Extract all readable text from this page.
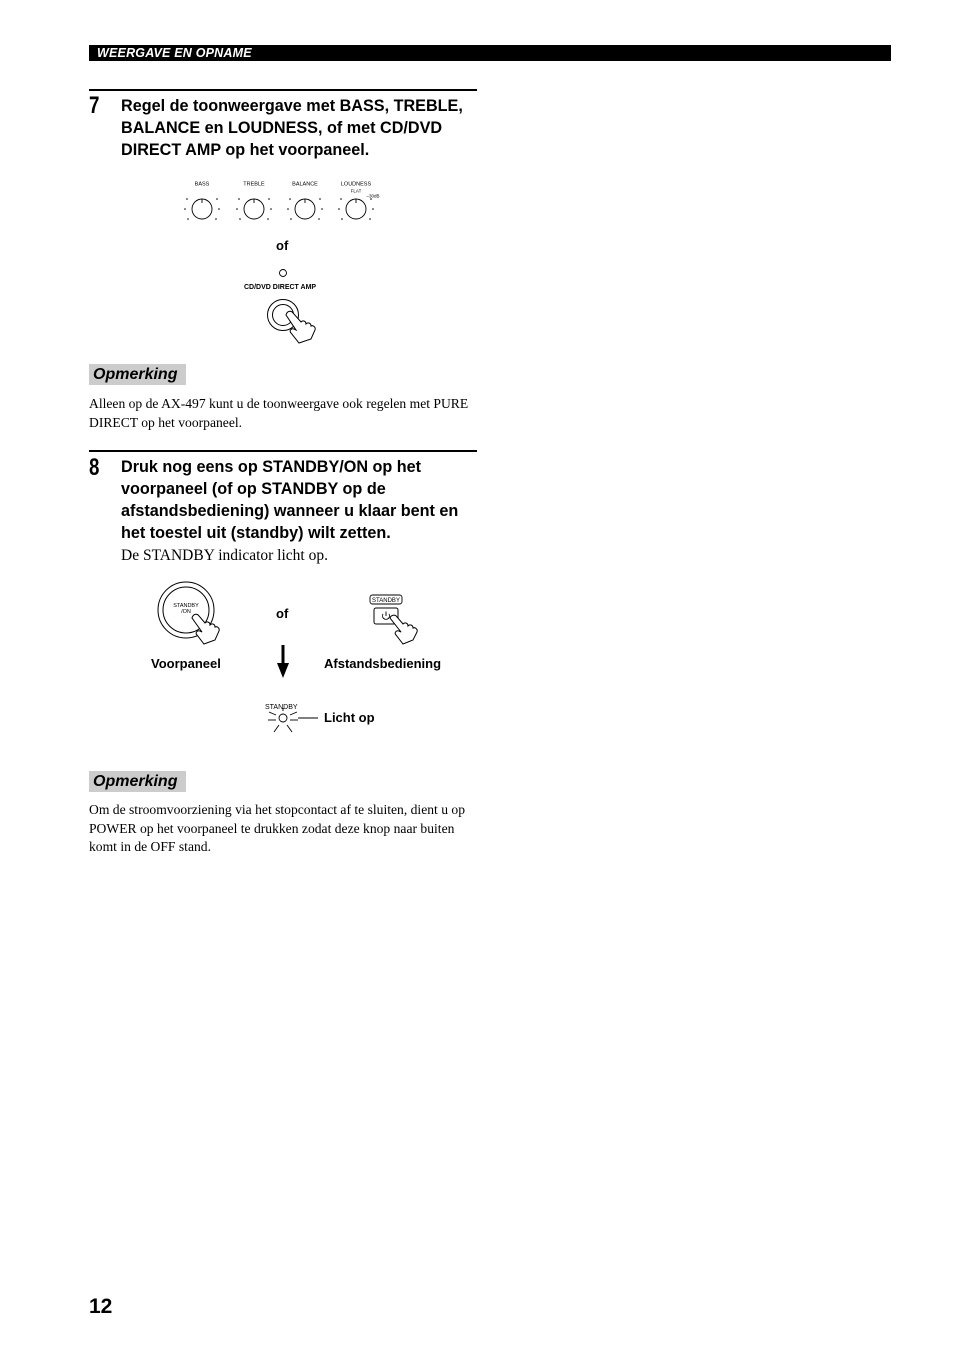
WEERGAVE EN OPNAME
7 Regel de toonweergave met BASS, TREBLE, BALANCE en LOUDNESS, of met CD/DVD DIRECT AMP op het voorpaneel.
BASS	TREBLE	BALANCE	LOUDNESS
FLAT
–30dB
of
CD/DVD DIRECT AMP
Opmerking
Alleen op de AX-497 kunt u de toonweergave ook regelen met PURE DIRECT op het voorpaneel.
8 Druk nog eens op STANDBY/ON op het voorpaneel (of op STANDBY op de afstandsbediening) wanneer u klaar bent en het toestel uit (standby) wilt zetten.
De STANDBY indicator licht op.
STANDBY
/ON	of
STANDBY
Voorpaneel	Afstandsbediening
STANDBY
Licht op
Opmerking
Om de stroomvoorziening via het stopcontact af te sluiten, dient u op POWER op het voorpaneel te drukken zodat deze knop naar buiten komt in de OFF stand.
12
